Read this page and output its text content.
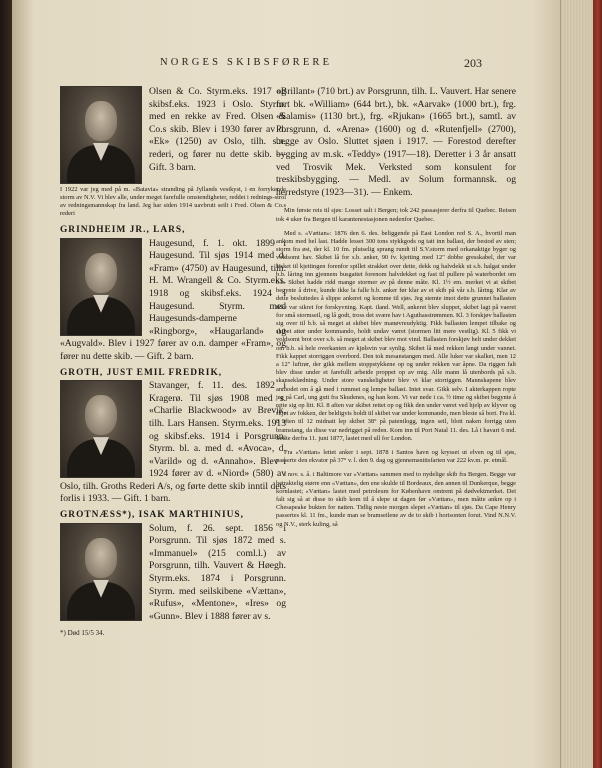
NORGES SKIBSFØRERE	203

Olsen & Co. Styrm.eks. 1917 og skibsf.eks. 1923 i Oslo. Styrm. med en rekke av Fred. Olsen & Co.s skib. Blev i 1930 fører av d. «Ek» (1250) av Oslo, tilh. s.n. rederi, og fører nu dette skib. — Gift. 3 barn.

I 1922 var jeg med på m. «Batavia» stranding på Jyllands vestkyst, i en forrykende storm av N.V. Vi blev alle, under meget farefulle omstendigheter, reddet i rednings-strol av redningsmannskap fra land. Jeg har siden 1914 uavbrutt seilt i Fred. Olsen & Co.s rederi

GRINDHEIM JR., LARS,

Haugesund, f. 1. okt. 1899 i Haugesund. Til sjøs 1914 med d. «Fram» (4750) av Haugesund, tilh. H. M. Wrangell & Co. Styrm.eks. 1918 og skibsf.eks. 1924 i Haugesund. Styrm. med Haugesunds-damperne «Ringborg», «Haugarland» og «Augvald». Blev i 1927 fører av o.n. damper «Fram», og fører nu dette skib. — Gift. 2 barn.

GROTH, JUST EMIL FREDRIK,

Stavanger, f. 11. des. 1892 i Kragerø. Til sjøs 1908 med s. «Charlie Blackwood» av Brevik, tilh. Lars Hansen. Styrm.eks. 1913 og skibsf.eks. 1914 i Porsgrunn. Styrm. bl. a. med d. «Avoca», d. «Varild» og d. «Annaho». Blev i 1924 fører av d. «Niord» (580) av Oslo, tilh. Groths Rederi A/s, og førte dette skib inntil dets forlis i 1933. — Gift. 1 barn.

GROTNÆSS*), ISAK MARTHINIUS,

Solum, f. 26. sept. 1856 i Porsgrunn. Til sjøs 1872 med s. «Immanuel» (215 coml.l.) av Porsgrunn, tilh. Vauvert & Høegh. Styrm.eks. 1874 i Porsgrunn. Styrm. med seilskibene «Vættan», «Rufus», «Mentone», «Ires» og «Gunn». Blev i 1888 fører av s.

*) Død 15/5 34.

«Brillant» (710 brt.) av Porsgrunn, tilh. L. Vauvert. Har senere ført bk. «William» (644 brt.), bk. «Aarvak» (1000 brt.), frg. «Salamis» (1130 brt.), frg. «Rjukan» (1665 brt.), samtl. av Porsgrunn, d. «Arena» (1600) og d. «Rutenfjell» (2700), begge av Oslo. Sluttet sjøen i 1917. — Forestod derefter bygging av m.sk. «Teddy» (1917—18). Deretter i 3 år ansatt ved Trosvik Mek. Verksted som konsulent for treskibsbygging. — Medl. av Solum formannsk. og herredstyre (1923—31). — Enkem.

Min første reis til sjøs: Losset salt i Bergen; tok 242 passasjerer derfra til Quebec. Reisen tok 4 uker fra Bergen til karantenestasjonen nedenfor Quebec.

Med s. «Vættan»: 1876 den 6. des. beliggende på East London red S. A., hvortil man ankom med hel last. Hadde lesset 300 tons styk​kgods og tatt inn ballast, der bestod av sten; storm fra øst, der kl. 10 fm. plutselig sprang rundt til S.V.storm med orkanaktige byger og voldsomt hav. Skibet lå for s.b. anker, 90 fv. kjetting med 12" dobbe gresskabel, der var lasket til kjettingen forenfor spillet strakket over dette, dekk og halvdekk ut s.b. halgat under b.b. låring inn gjennem busgattet forenom halvdekket og fast til pullere på waterbordet om b.b. Skibet hadde ridd mange stormer av på denne måte. Kl. 1½ em. merket vi at skibet begynte å drive, kunde ikke la falle b.b. anker før klar av et skib på vår s.b. låring. Klar av dette besluttedes å slippe ankeret og komme til sjøs. Jeg stemte imot dette grunnet ballasten ikke var sikret for forskyvning. Kapt. iland. Well, ankeret blev sluppet, skibet lagt på vaeret for små stormseil, og lå godt, tross det svære hav i Aguthasstrømmen. Kl. 3 forskjøv ballasten sig over til b.b. så meget at skibet blev manøvreudyktig. Fikk ballasten lempet tilbake og skibet atter under kommando, holdt undav været (stormen litt mere vestlig). Kl. 5 fikk vi voldsomt brot over s.b. så meget at skibet blev mot vind. Ballasten forskjøv helt under dekket om b.b. så hele overkanten av kjølsvin var synlig. Skibet lå med rekken langt under vannet. Fikk kappet storriggen overbord. Den tok mesanstangen med. Alle luker var skalket, men 12 a 12" luftrør, der gikk mellem stoppstykkene op og under rekken var åpne. Da riggen falt blev disse under et farefullt arbeide proppet op av mig. Alle mann lå utenbords på s.b. skanseklædning. Under store vanskeligheter blev vi klar storriggen. Mannskapene blev anmodet om å gå med i rummet og lempe ballast. Intet svar. Gikk selv. I akterkappen ropte jeg på Carl, ung gutt fra Skudenes, og han kom. Vi var nede i ca. ½ time og skibet begynte å rette sig op litt. Kl. 8 aften var skibet rettet op og fikk den under været ved hjelp av klyver og skjøt av fokken, der beldigvis holdt til skibet var under kommando, men bleste så bort. Fra kl. 8 aften til 12 midnatt lep skibet 38° på patentlogg, ingen seil, blott naken forrigg uten bramstang, da disse var nedrigget på reden. Kom inn til Port Natal 11. des. Lå i havari 6 md. Seilte derfra 11. juni 1877, lastet med ull for London.

Fra «Vættan» lettet anker i sept. 1878 i Santos havn og krysset ut elven og til sjøs, passerte den ekvator på 37° v. l. den 9. dag og gjennemsnittsfarten var 222 kv.m. pr. etmål.

I nov. s. å. i Baltimore var «Vættan» sammen med to nydelige skib fra Bergen. Begge var betraktelig større enn «Vættan», den ene skulde til Bordeaux, den annen til Dunkerque, begge kornlastet; «Vættan» lastet med petroleum for København omtrent på dødvektmerket. Det falt sig så at disse to skib kom til å slepe ut dagen før «Vættan», men måtte ankre op i Chesapeake bukten for natten. Tidlig neste morgen slepet «Vættan» til sjøs. Da Cape Henry passertes kl. 11 fm., kunde man se bramseilene av de to skib i horisonten forut. Vind N.N.V. og N.V., sterk kuling, så
